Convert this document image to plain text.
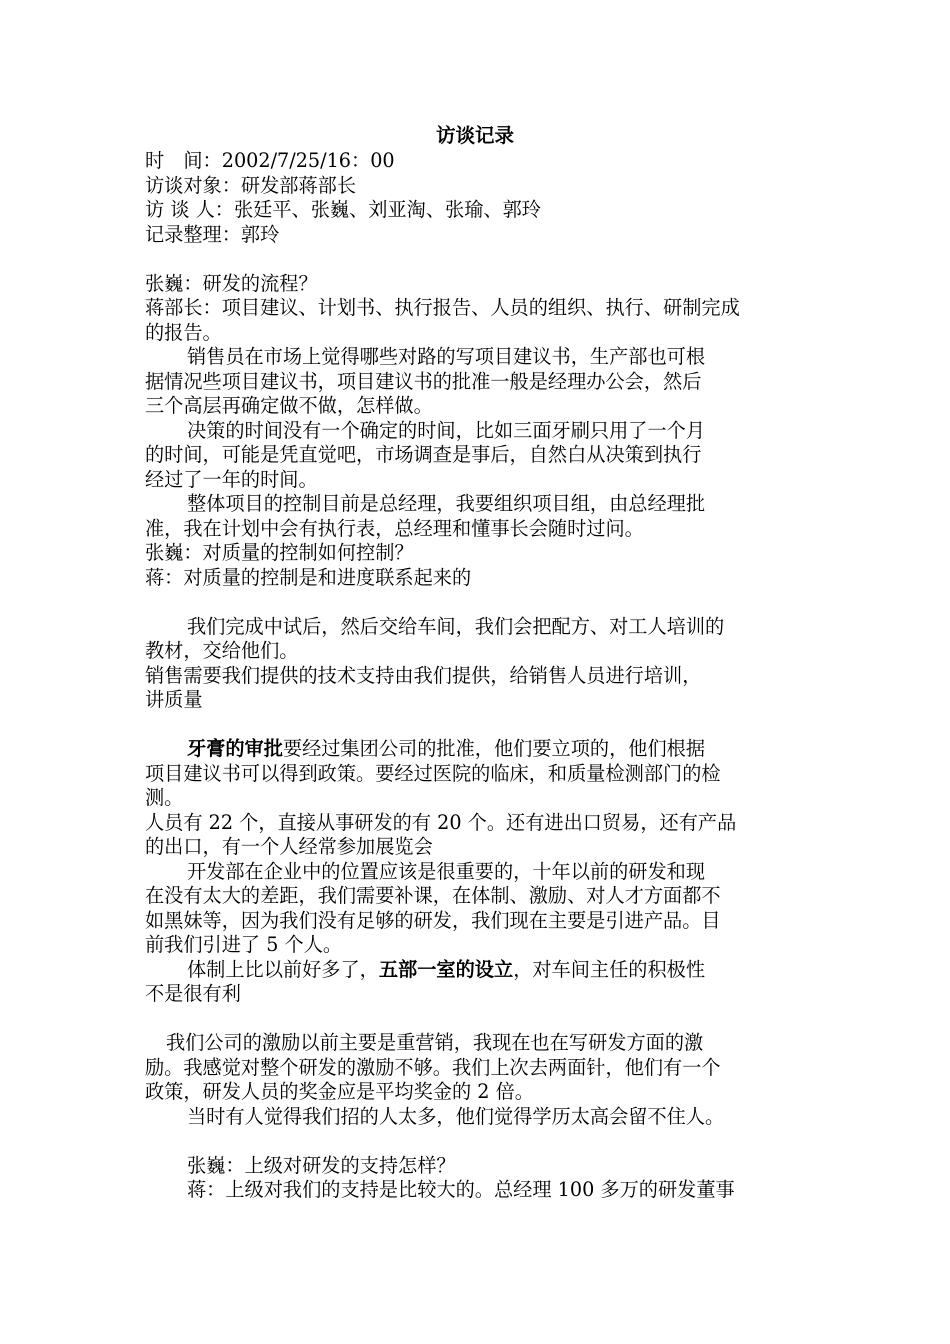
访谈记录
时　间：2002/7/25/16：00
访谈对象：研发部蒋部长
访 谈 人：张廷平、张巍、刘亚淘、张瑜、郭玲
记录整理：郭玲
张巍：研发的流程？
蒋部长：项目建议、计划书、执行报告、人员的组织、执行、研制完成
的报告。
销售员在市场上觉得哪些对路的写项目建议书，生产部也可根
据情况些项目建议书，项目建议书的批准一般是经理办公会，然后
三个高层再确定做不做，怎样做。
决策的时间没有一个确定的时间，比如三面牙刷只用了一个月
的时间，可能是凭直觉吧，市场调查是事后，自然白从决策到执行
经过了一年的时间。
整体项目的控制目前是总经理，我要组织项目组，由总经理批
准，我在计划中会有执行表，总经理和懂事长会随时过问。
张巍：对质量的控制如何控制？
蒋：对质量的控制是和进度联系起来的
我们完成中试后，然后交给车间，我们会把配方、对工人培训的
教材，交给他们。
销售需要我们提供的技术支持由我们提供，给销售人员进行培训，
讲质量
牙膏的审批要经过集团公司的批准，他们要立项的，他们根据
项目建议书可以得到政策。要经过医院的临床，和质量检测部门的检
测。
人员有 22 个，直接从事研发的有 20 个。还有进出口贸易，还有产品
的出口，有一个人经常参加展览会
开发部在企业中的位置应该是很重要的，十年以前的研发和现
在没有太大的差距，我们需要补课，在体制、激励、对人才方面都不
如黑妹等，因为我们没有足够的研发，我们现在主要是引进产品。目
前我们引进了 5 个人。
体制上比以前好多了，五部一室的设立，对车间主任的积极性
不是很有利
我们公司的激励以前主要是重营销，我现在也在写研发方面的激
励。我感觉对整个研发的激励不够。我们上次去两面针，他们有一个
政策，研发人员的奖金应是平均奖金的 2 倍。
当时有人觉得我们招的人太多，他们觉得学历太高会留不住人。
张巍：上级对研发的支持怎样？
蒋：上级对我们的支持是比较大的。总经理 100 多万的研发董事
